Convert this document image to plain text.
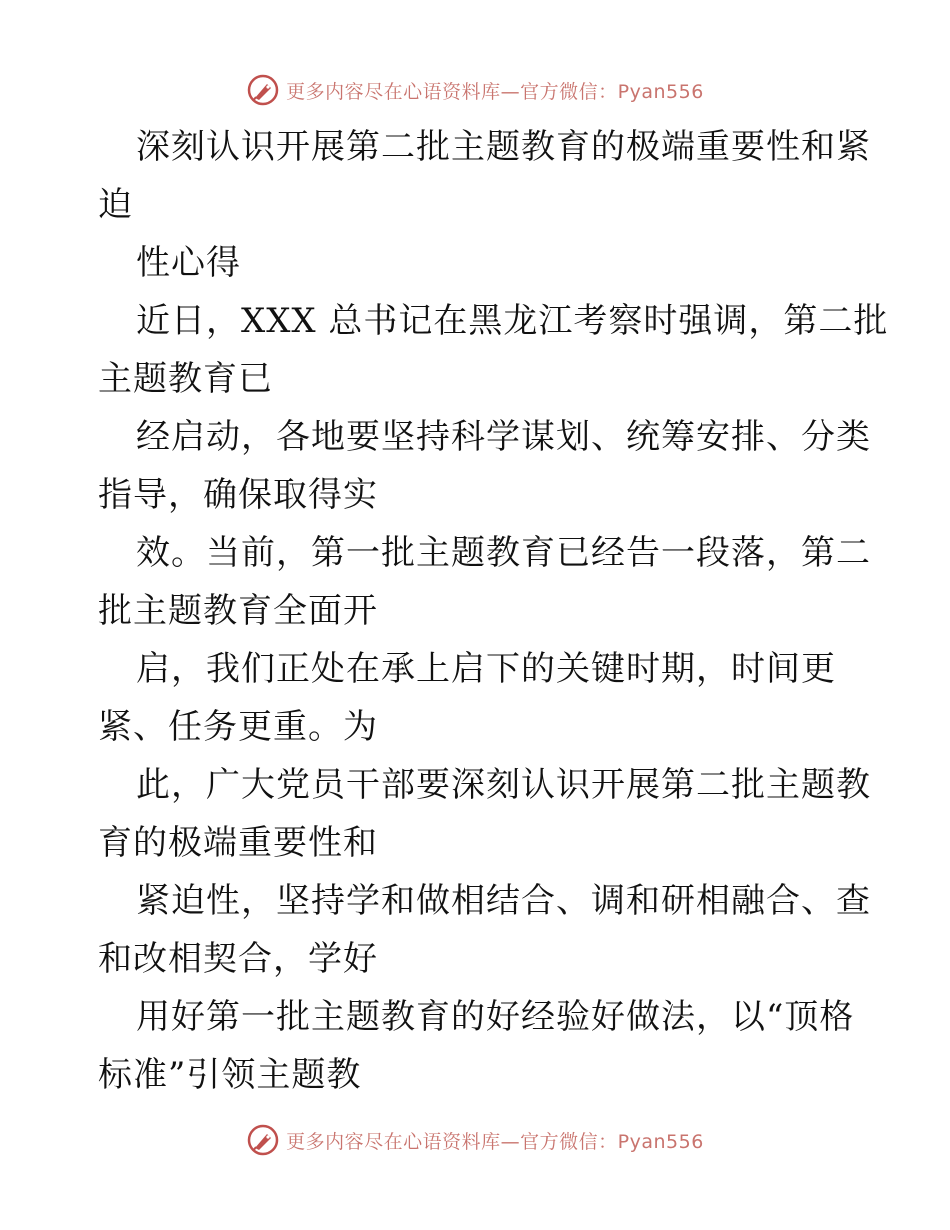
更多内容尽在心语资料库—官方微信：Pyan556
深刻认识开展第二批主题教育的极端重要性和紧
迫
性心得
近日，XXX 总书记在黑龙江考察时强调，第二批
主题教育已
经启动，各地要坚持科学谋划、统筹安排、分类
指导，确保取得实
效。当前，第一批主题教育已经告一段落，第二
批主题教育全面开
启，我们正处在承上启下的关键时期，时间更
紧、任务更重。为
此，广大党员干部要深刻认识开展第二批主题教
育的极端重要性和
紧迫性，坚持学和做相结合、调和研相融合、查
和改相契合，学好
用好第一批主题教育的好经验好做法，以“顶格
标准”引领主题教
更多内容尽在心语资料库—官方微信：Pyan556
